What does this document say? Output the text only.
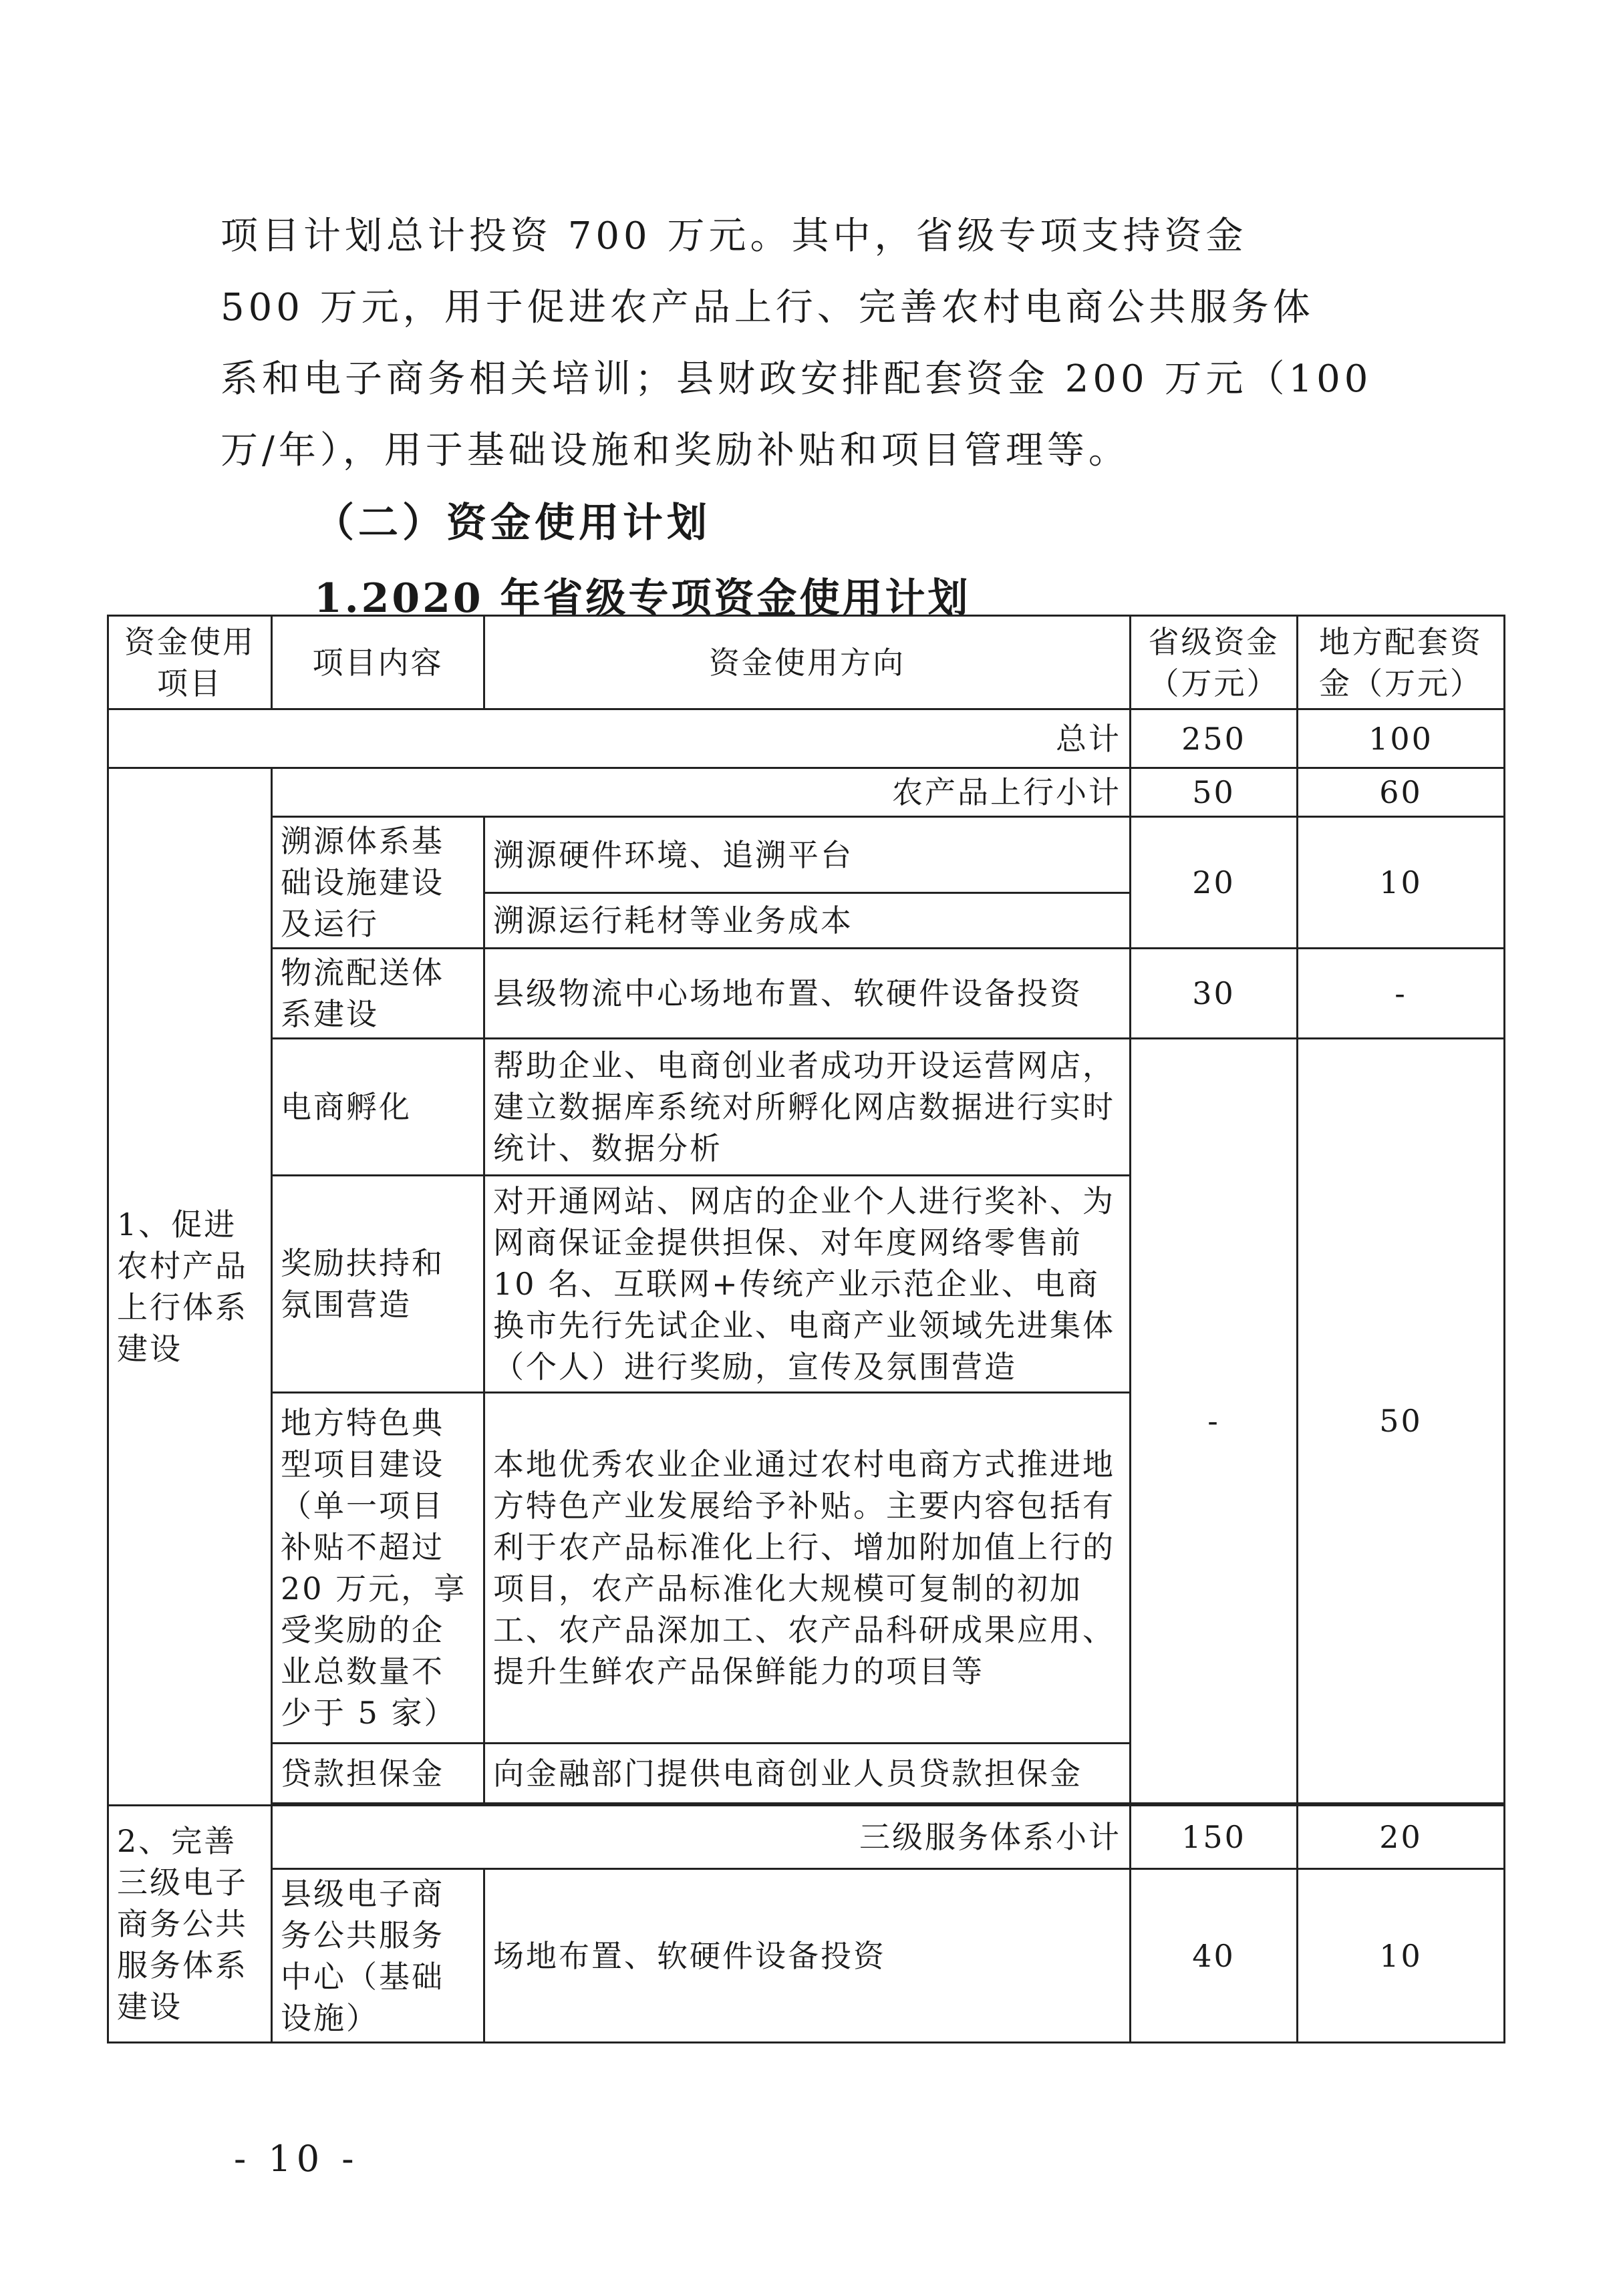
项目计划总计投资 700 万元。其中，省级专项支持资金
500 万元，用于促进农产品上行、完善农村电商公共服务体
系和电子商务相关培训；县财政安排配套资金 200 万元（100
万/年），用于基础设施和奖励补贴和项目管理等。
（二）资金使用计划
1.2020 年省级专项资金使用计划
资金使用项目	项目内容	资金使用方向	省级资金（万元）	地方配套资金（万元）
总计			250	100
1、促进农村产品上行体系建设	农产品上行小计		50	60
	溯源体系基础设施建设及运行	溯源硬件环境、追溯平台	20	10
		溯源运行耗材等业务成本		
	物流配送体系建设	县级物流中心场地布置、软硬件设备投资	30	-
	电商孵化	帮助企业、电商创业者成功开设运营网店，建立数据库系统对所孵化网店数据进行实时统计、数据分析	-	50
	奖励扶持和氛围营造	对开通网站、网店的企业个人进行奖补、为网商保证金提供担保、对年度网络零售前 10 名、互联网+传统产业示范企业、电商换市先行先试企业、电商产业领域先进集体（个人）进行奖励，宣传及氛围营造		
	地方特色典型项目建设（单一项目补贴不超过 20 万元，享受奖励的企业总数量不少于 5 家）	本地优秀农业企业通过农村电商方式推进地方特色产业发展给予补贴。主要内容包括有利于农产品标准化上行、增加附加值上行的项目，农产品标准化大规模可复制的初加工、农产品深加工、农产品科研成果应用、提升生鲜农产品保鲜能力的项目等		
	贷款担保金	向金融部门提供电商创业人员贷款担保金		

2、完善三级电子商务公共服务体系建设	三级服务体系小计		150	20
	县级电子商务公共服务中心（基础设施）	场地布置、软硬件设备投资	40	10
- 10 -
